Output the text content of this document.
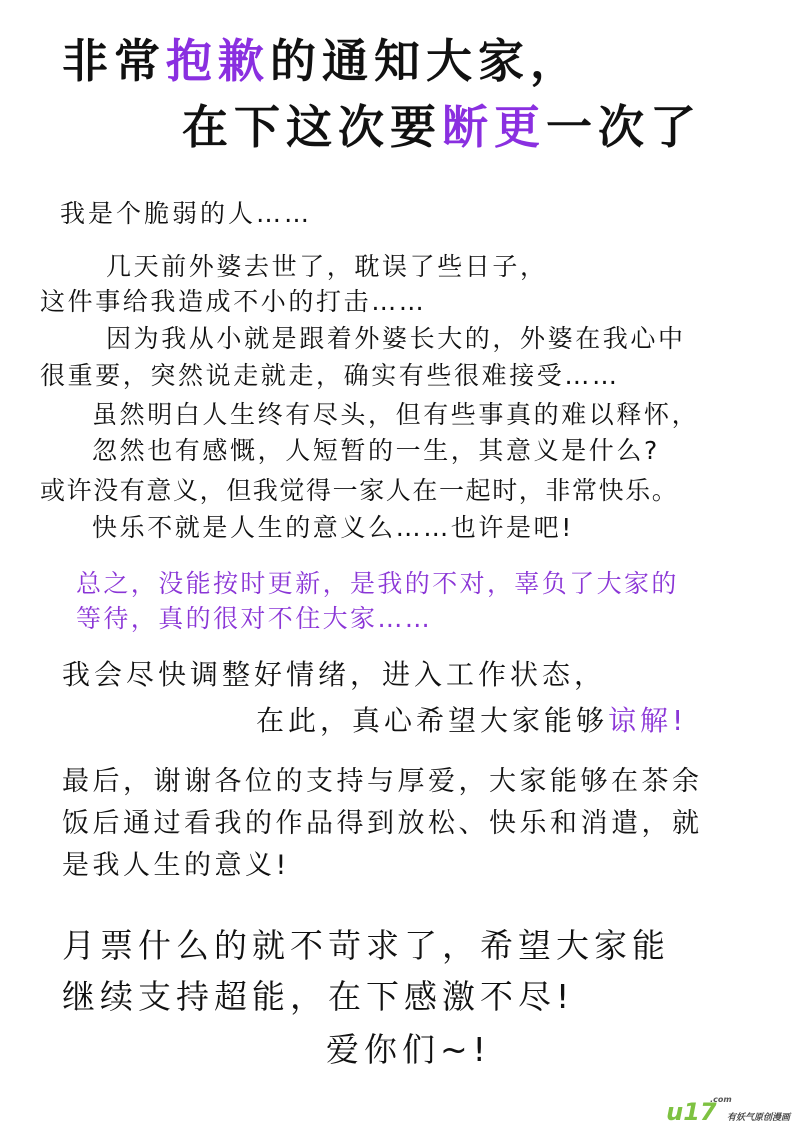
非常抱歉的通知大家，
在下这次要断更一次了
我是个脆弱的人……
几天前外婆去世了，耽误了些日子，
这件事给我造成不小的打击……
因为我从小就是跟着外婆长大的，外婆在我心中
很重要，突然说走就走，确实有些很难接受……
虽然明白人生终有尽头，但有些事真的难以释怀，
忽然也有感慨，人短暂的一生，其意义是什么?
或许没有意义，但我觉得一家人在一起时，非常快乐。
快乐不就是人生的意义么……也许是吧!
总之，没能按时更新，是我的不对，辜负了大家的
等待，真的很对不住大家……
我会尽快调整好情绪，进入工作状态，
在此，真心希望大家能够谅解!
最后，谢谢各位的支持与厚爱，大家能够在茶余
饭后通过看我的作品得到放松、快乐和消遣，就
是我人生的意义!
月票什么的就不苛求了，希望大家能
继续支持超能，在下感激不尽!
爱你们~!
u17
.com
有妖气原创漫画
